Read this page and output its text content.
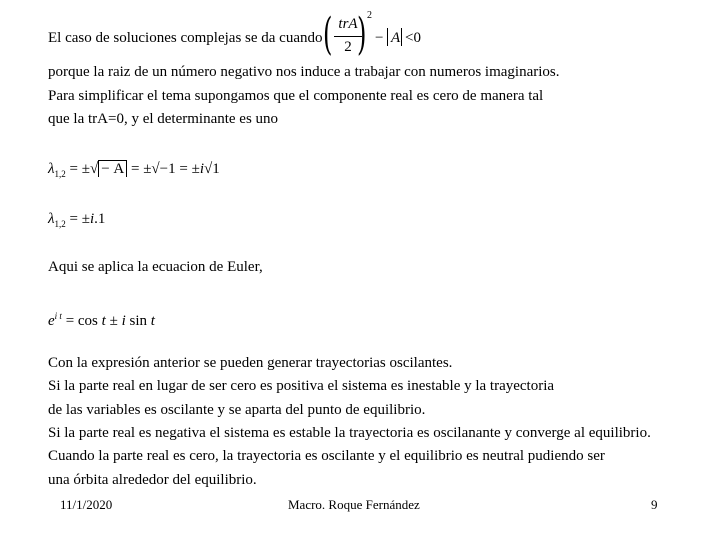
El caso de soluciones complejas se da cuando ( trA
2 ) 2
− A <0
porque la raiz de un número negativo nos induce a trabajar con numeros imaginarios.
Para simplificar el tema supongamos que el componente real es cero de manera tal
que la trA=0, y el determinante es uno
$\lambda_{1,2}$ = ±√ − A = ±√−1 = ±i√1
$\lambda_{1,2} = \pm i.1$
Aqui se aplica la ecuacion de Euler,
$e^{i t} = \cos t \pm i$ sin t
Con la expresión anterior se pueden generar trayectorias oscilantes.
Si la parte real en lugar de ser cero es positiva el sistema es inestable y la trayectoria
de las variables es oscilante y se aparta del punto de equilibrio.
Si la parte real es negativa el sistema es estable la trayectoria es oscilanante y converge al equilibrio.
Cuando la parte real es cero, la trayectoria es oscilante y el equilibrio es neutral pudiendo ser
una órbita alrededor del equilibrio.
11/1/2020	Macro. Roque Fernández	9
